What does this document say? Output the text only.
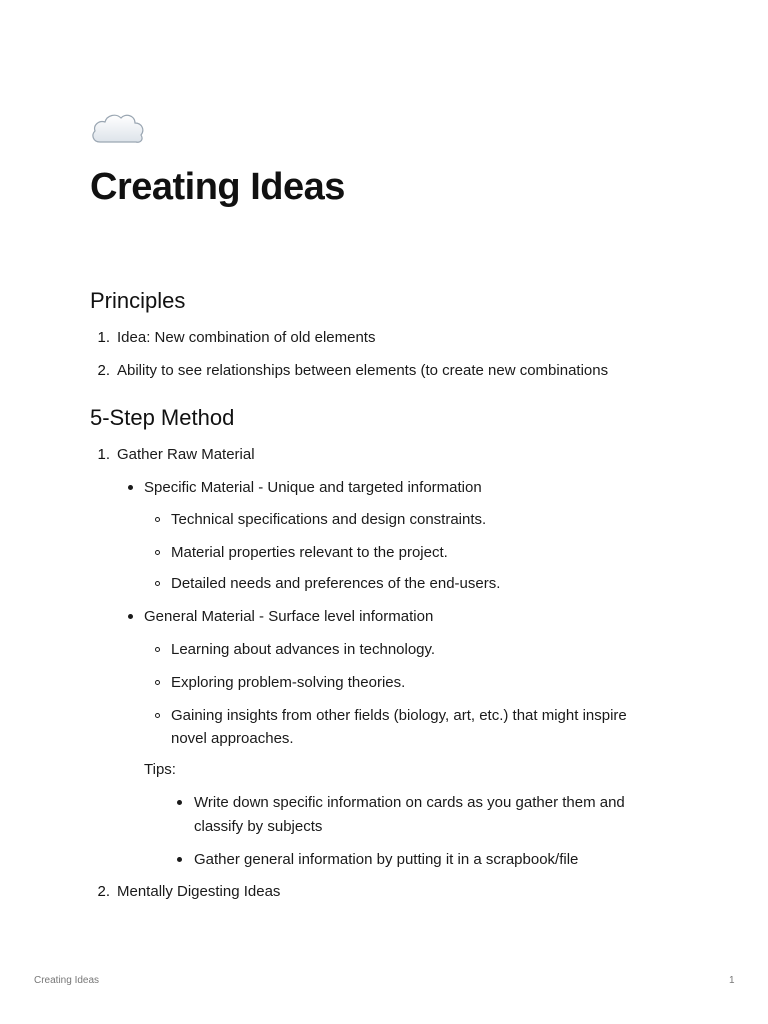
Creating Ideas
Principles
1. Idea: New combination of old elements
2. Ability to see relationships between elements (to create new combinations
5-Step Method
1. Gather Raw Material
Specific Material - Unique and targeted information
Technical specifications and design constraints.
Material properties relevant to the project.
Detailed needs and preferences of the end-users.
General Material - Surface level information
Learning about advances in technology.
Exploring problem-solving theories.
Gaining insights from other fields (biology, art, etc.) that might inspire
novel approaches.
Tips:
Write down specific information on cards as you gather them and
classify by subjects
Gather general information by putting it in a scrapbook/file
2. Mentally Digesting Ideas
Creating Ideas	1
